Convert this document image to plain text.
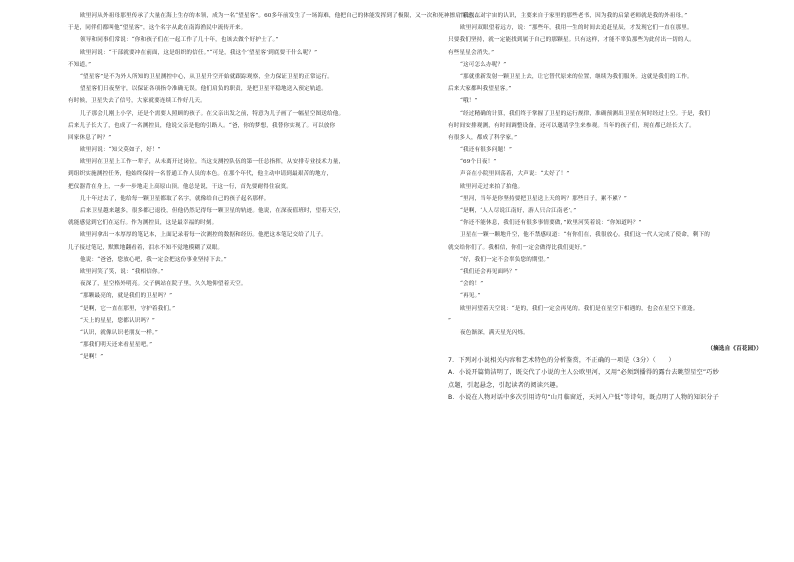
欧里河从外祖母那里传承了大量在海上生存的本领，成为一名“望星客”。60多年前发生了一场海难，他把自己的体能发挥到了极限，又一次和死神擦肩而过……

于是，同伴们都叫他“望星客”，这个名字从此在南海渔民中流传开来。

领导和同事们常说：“你和孩子们在一起工作了几十年，也该去做个好护士了。”

欧里河说：“干部就要冲在前面，这是组织的信任。”“可是，我这个‘望星客’到底要干什么呢？”

不知道。”

“望星客”是不为外人所知的卫星测控中心，从卫星升空开始就跟踪观察，全力保证卫星的正常运行。

望星客们日夜坚守，以保证各项指令准确无误。他们肩负的职责，是把卫星平稳地送入预定轨道。

有时候，卫星失去了信号，大家就要连续工作好几天。

儿子那会儿刚上小学，还是个需要人照顾的孩子。在父亲出发之前，特意为儿子画了一幅星空图送给他。

后来儿子长大了，也成了一名测控员，他说父亲是他的引路人。“爸，你的梦想，我替你实现了。可以放你

回家休息了吗？”

欧里河说：“知父莫如子，好！”

欧里河在卫星上工作一辈子，从未离开过岗位。当这支测控队伍的第一任总指挥，从安排专业技术力量，

到组织实施测控任务，他始终保持一名普通工作人员的本色。在那个年代，他主动申请到最艰苦的地方，

把仪器背在身上，一步一步地走上高原山顶。他总是说，干这一行，首先要耐得住寂寞。

几十年过去了，他给每一颗卫星都取了名字，就像给自己的孩子起名那样。

后来卫星越来越多，很多都已退役，但他仍然记得每一颗卫星的轨迹。他说，在深夜值班时，望着天空，

就能感觉到它们在运行。作为测控员，这是最幸福的时刻。

欧里河拿出一本厚厚的笔记本，上面记录着每一次测控的数据和经历。他把这本笔记交给了儿子。

儿子接过笔记，默默地翻看着，泪水不知不觉地模糊了双眼。

他说：“爸爸，您放心吧，我一定会把这份事业坚持下去。”

欧里河笑了笑，说：“我相信你。”

夜深了，星空格外明亮。父子俩站在院子里，久久地仰望着天空。

“那颗最亮的，就是我们的卫星吗？”

“是啊，它一直在那里，守护着我们。”

“天上的星星，您都认识吗？”

“认识，就像认识老朋友一样。”

“那我们明天还来看星星吧。”

“是啊！”

“我现在对宇宙的认识，主要来自于家里的那些老书，因为我的启蒙老师就是我的外祖母。”

欧里河双眼望着远方，说：“那些年，我用一生的时间去追赶星辰，才发现它们一直在那里。

只要我们坚持，就一定能找到属于自己的那颗星。只有这样，才能不辜负那些为此付出一切的人。

有些星星会消失。”

“这可怎么办呢？”

“那就重新发射一颗卫星上去，让它替代原来的位置，继续为我们服务。这就是我们的工作。

后来大家都叫我望星客。”

“哦！”

“经过精确的计算，我们终于掌握了卫星的运行规律，准确预测出卫星在何时经过上空。于是，我们

有时间安排观测，有时间调整设备，还可以邀请学生来参观。当年的孩子们，现在都已经长大了。

有很多人，都成了科学家。”

“我还有很多问题！”

“69个日夜！”

声音在小院里回荡着，大声说：“太好了！”

欧里河走过来拍了拍他。

“里河，当年是你坚持要把卫星送上天的吗？那些日子，累不累？”

“是啊，‘人人尽说江南好，游人只合江南老’。”

“你还不能休息，我们还有很多事情要做，”欧里河笑着说：“你知道吗？”

卫星在一颗一颗地升空，他不禁感叹道：“有你们在，我很放心。我们这一代人完成了使命，剩下的

就交给你们了。我相信，你们一定会做得比我们更好。”

“好，我们一定不会辜负您的期望。”

“我们还会再见面吗？”

“会的！”

“再见。”

欧里河望着天空说：“是的，我们一定会再见的。我们是在星空下相遇的，也会在星空下重逢。

”

夜色渐深，满天星光闪烁。

（摘选自《百花园》）

7．下列对小说相关内容和艺术特色的分析鉴赏，不正确的一项是（3分）（　　）

A．小说开篇简洁明了，既交代了小说的主人公欧里河，又用“必须到播得的露台去眺望星空”巧妙

点题，引起悬念，引起读者的阅读兴趣。

B．小说在人物对话中多次引用诗句“山月临窗近，天河入户低”等诗句，既点明了人物的知识分子
